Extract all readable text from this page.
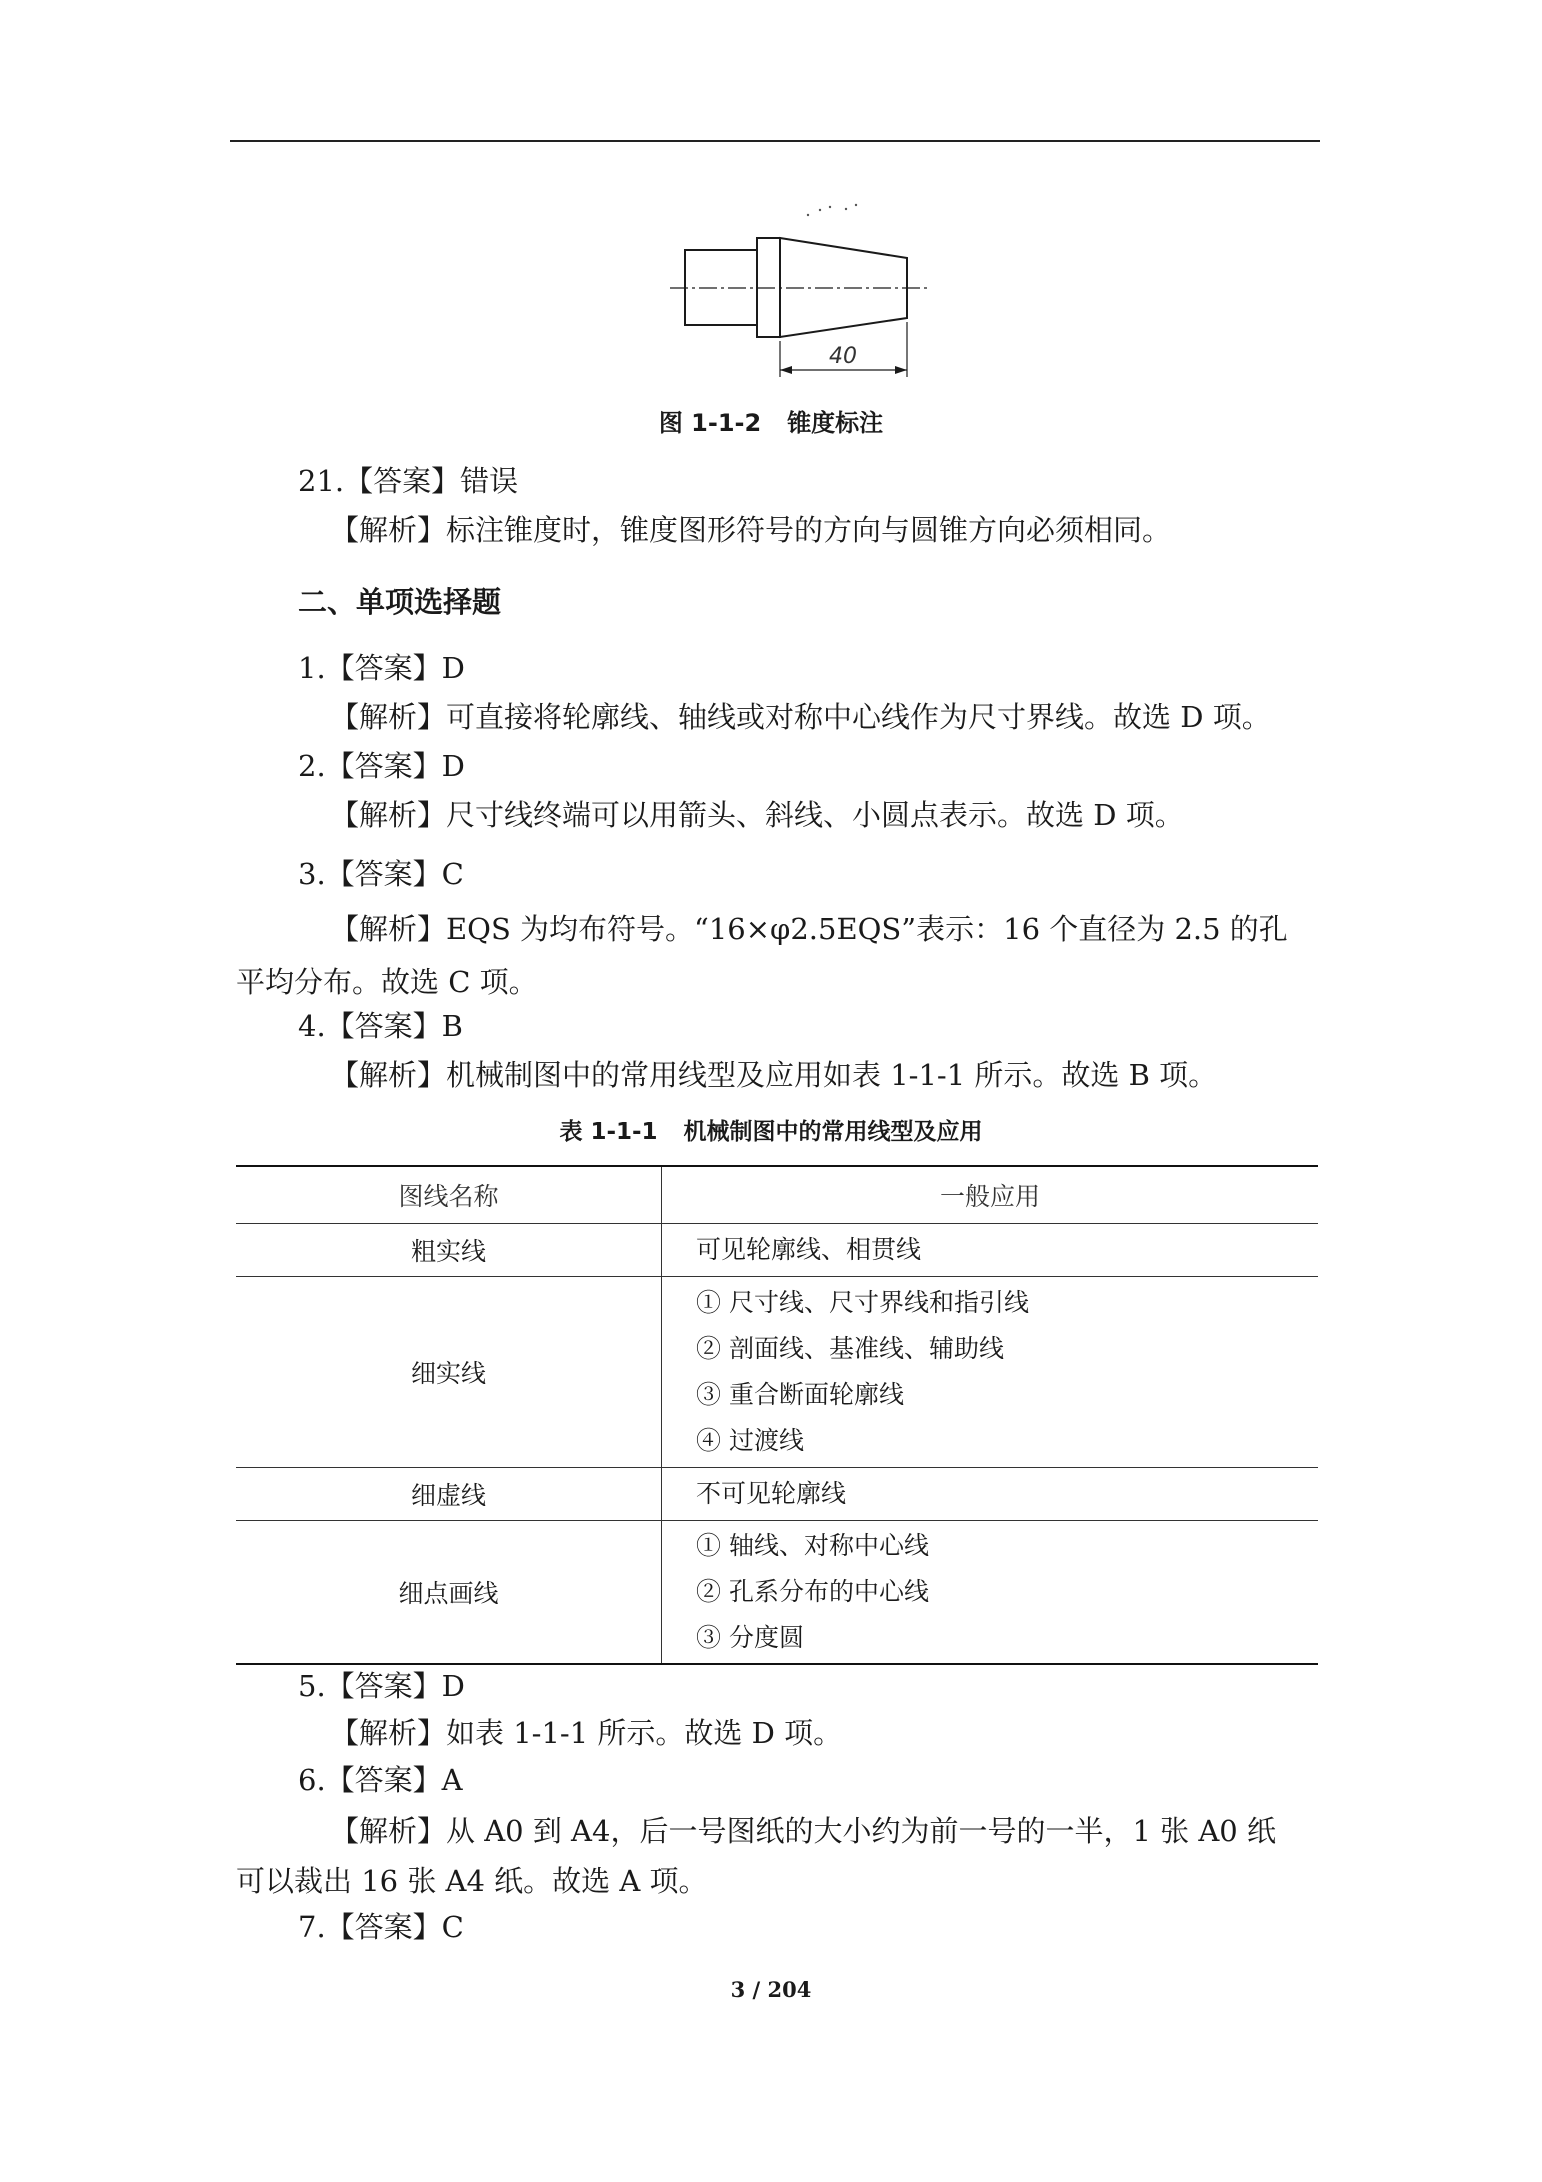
40
图 1-1-2 锥度标注
21.【答案】错误
【解析】标注锥度时，锥度图形符号的方向与圆锥方向必须相同。
二、单项选择题
1.【答案】D
【解析】可直接将轮廓线、轴线或对称中心线作为尺寸界线。故选 D 项。
2.【答案】D
【解析】尺寸线终端可以用箭头、斜线、小圆点表示。故选 D 项。
3.【答案】C
【解析】EQS 为均布符号。“16×φ2.5EQS”表示：16 个直径为 2.5 的孔
平均分布。故选 C 项。
4.【答案】B
【解析】机械制图中的常用线型及应用如表 1-1-1 所示。故选 B 项。
表 1-1-1 机械制图中的常用线型及应用
图线名称	一般应用
粗实线	可见轮廓线、相贯线

细实线	① 尺寸线、尺寸界线和指引线
② 剖面线、基准线、辅助线
③ 重合断面轮廓线
④ 过渡线

细虚线	不可见轮廓线

细点画线	① 轴线、对称中心线
② 孔系分布的中心线
③ 分度圆
5.【答案】D
【解析】如表 1-1-1 所示。故选 D 项。
6.【答案】A
【解析】从 A0 到 A4，后一号图纸的大小约为前一号的一半，1 张 A0 纸
可以裁出 16 张 A4 纸。故选 A 项。
7.【答案】C
3 / 204
